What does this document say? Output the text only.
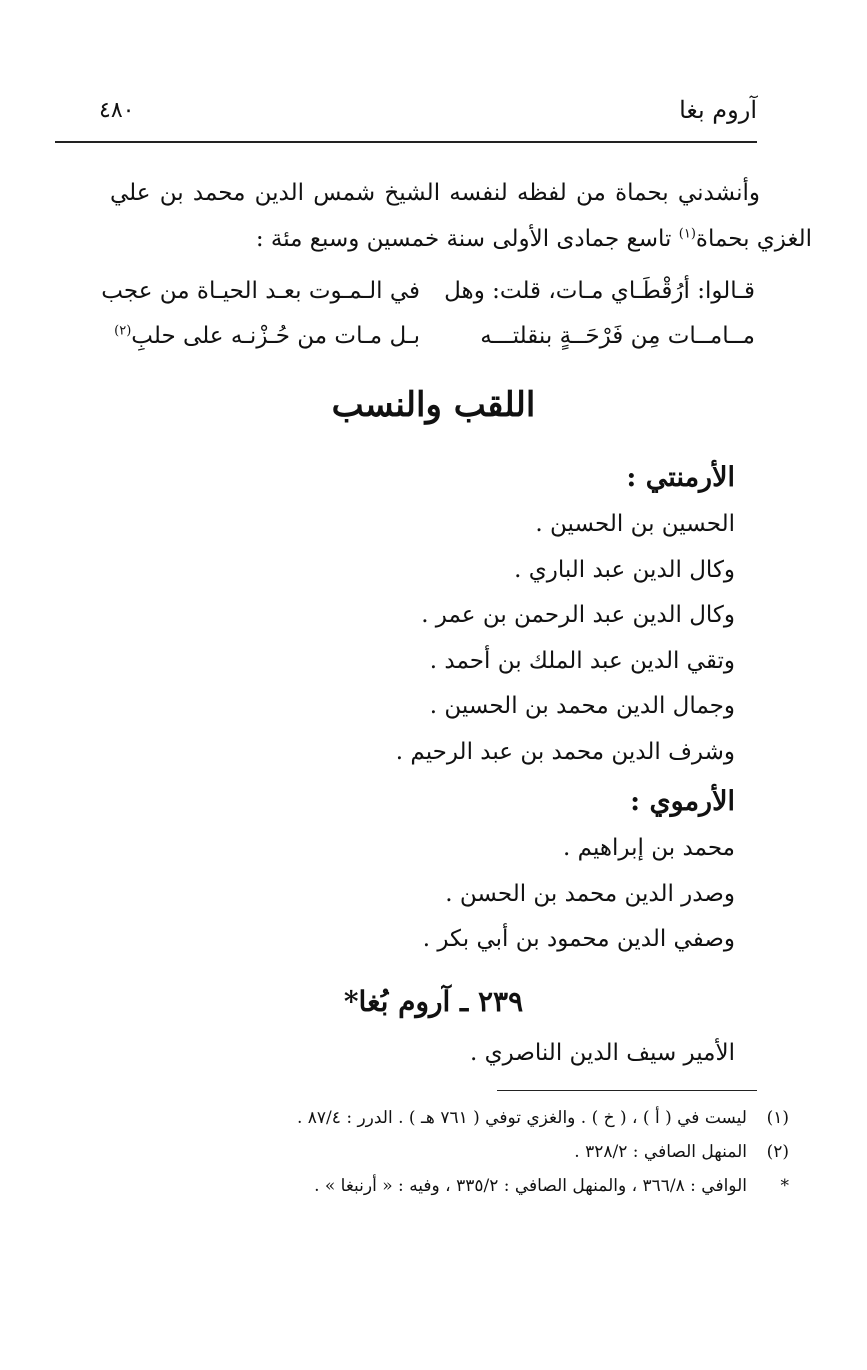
آروم بغا
٤٨٠
وأنشدني بحماة من لفظه لنفسه الشيخ شمس الدين محمد بن علي الغزي بحماة$^{(١)}$ تاسع جمادى الأولى سنة خمسين وسبع مئة :
قـالوا: أرُقْطَـاي مـات، قلت: وهل
في الـمـوت بعـد الحيـاة من عجب
مــامــات مِن فَرْحَــةٍ بنقلتـــه
بـل مـات من حُـزْنـه على حلبِ$^{(٢)}$
اللقب والنسب
الأرمنتي :
الحسين بن الحسين .
وكال الدين عبد الباري .
وكال الدين عبد الرحمن بن عمر .
وتقي الدين عبد الملك بن أحمد .
وجمال الدين محمد بن الحسين .
وشرف الدين محمد بن عبد الرحيم .
الأرموي :
محمد بن إبراهيم .
وصدر الدين محمد بن الحسن .
وصفي الدين محمود بن أبي بكر .
٢٣٩ ـ آروم بُغا*
الأمير سيف الدين الناصري .
(١)
ليست في ( أ ) ، ( خ ) . والغزي توفي ( ٧٦١ هـ ) . الدرر : ٨٧/٤ .
(٢)
المنهل الصافي : ٣٢٨/٢ .
*
الوافي : ٣٦٦/٨ ، والمنهل الصافي : ٣٣٥/٢ ، وفيه : « أرنبغا » .
